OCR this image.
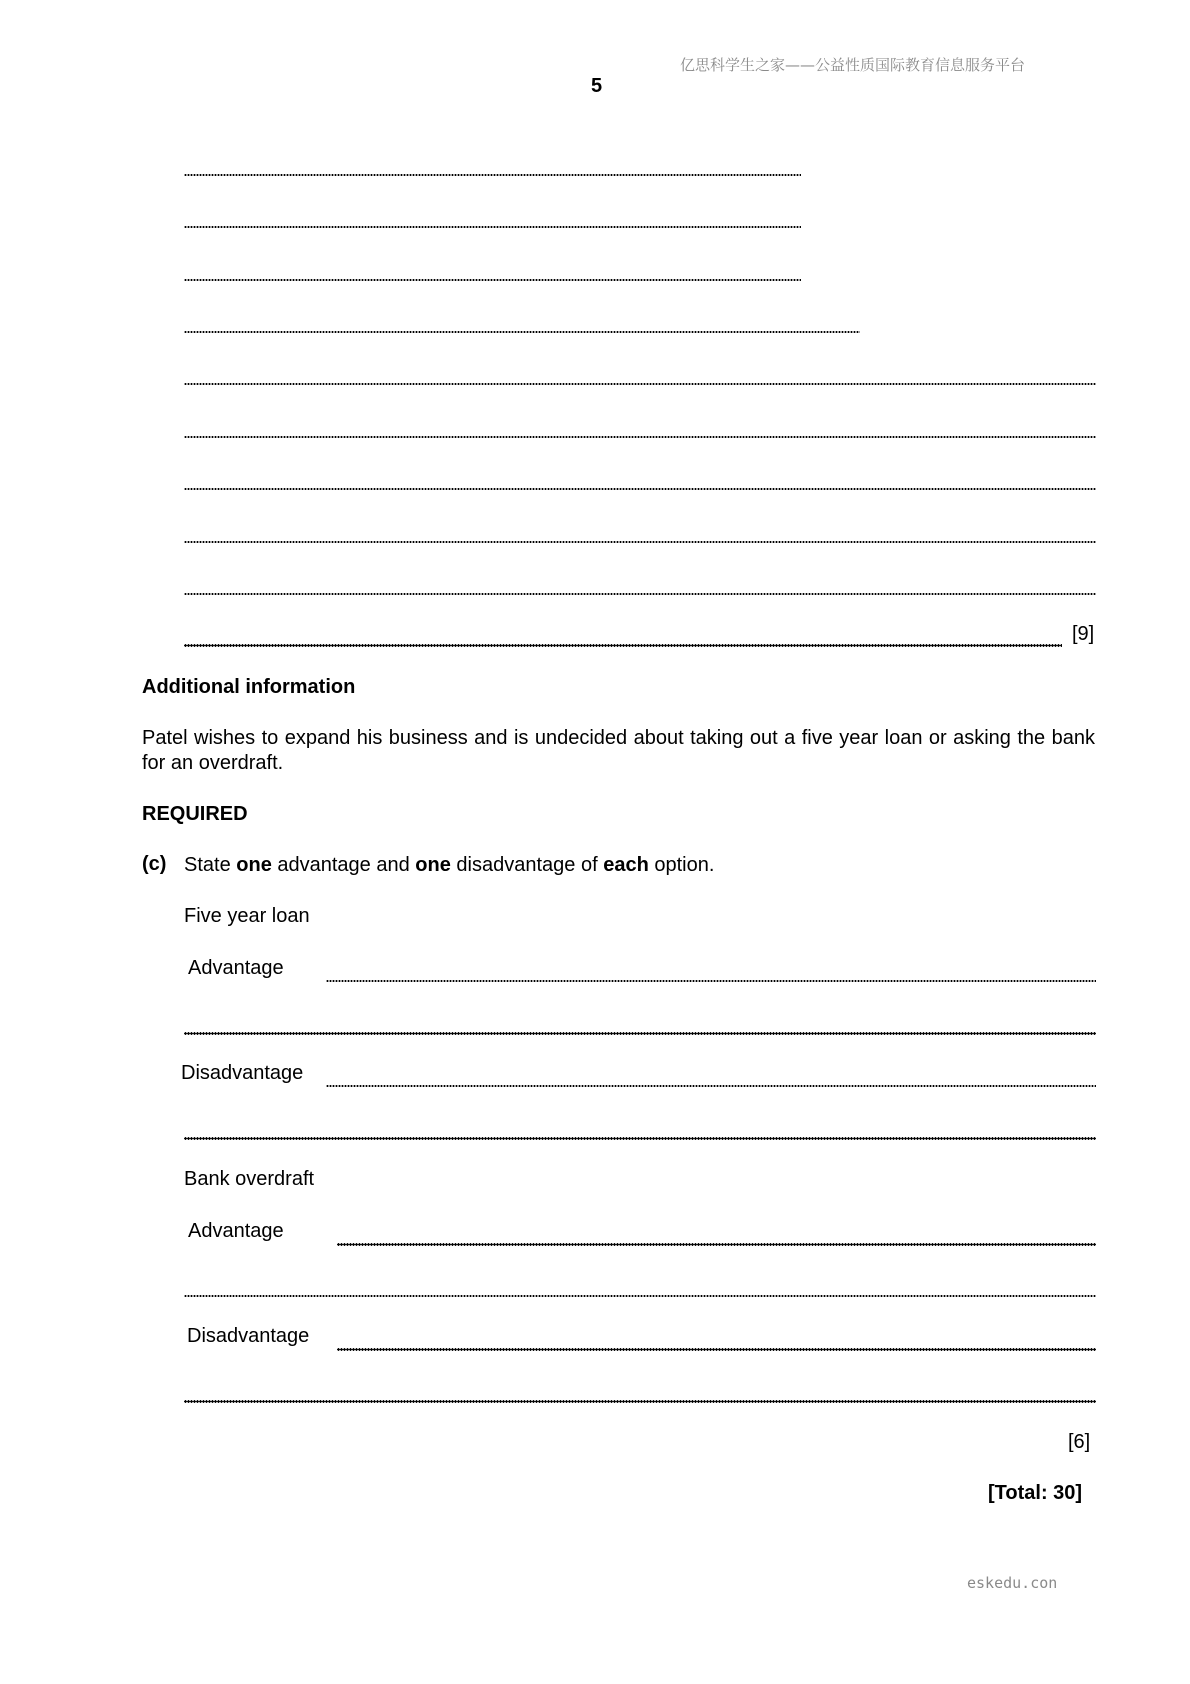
亿思科学生之家——公益性质国际教育信息服务平台
5
[9]
Additional information
Patel wishes to expand his business and is undecided about taking out a five year loan or asking the bank for an overdraft.
REQUIRED
(c) State one advantage and one disadvantage of each option.
Five year loan
Advantage
Disadvantage
Bank overdraft
Advantage
Disadvantage
[6]
[Total: 30]
eskedu.con
